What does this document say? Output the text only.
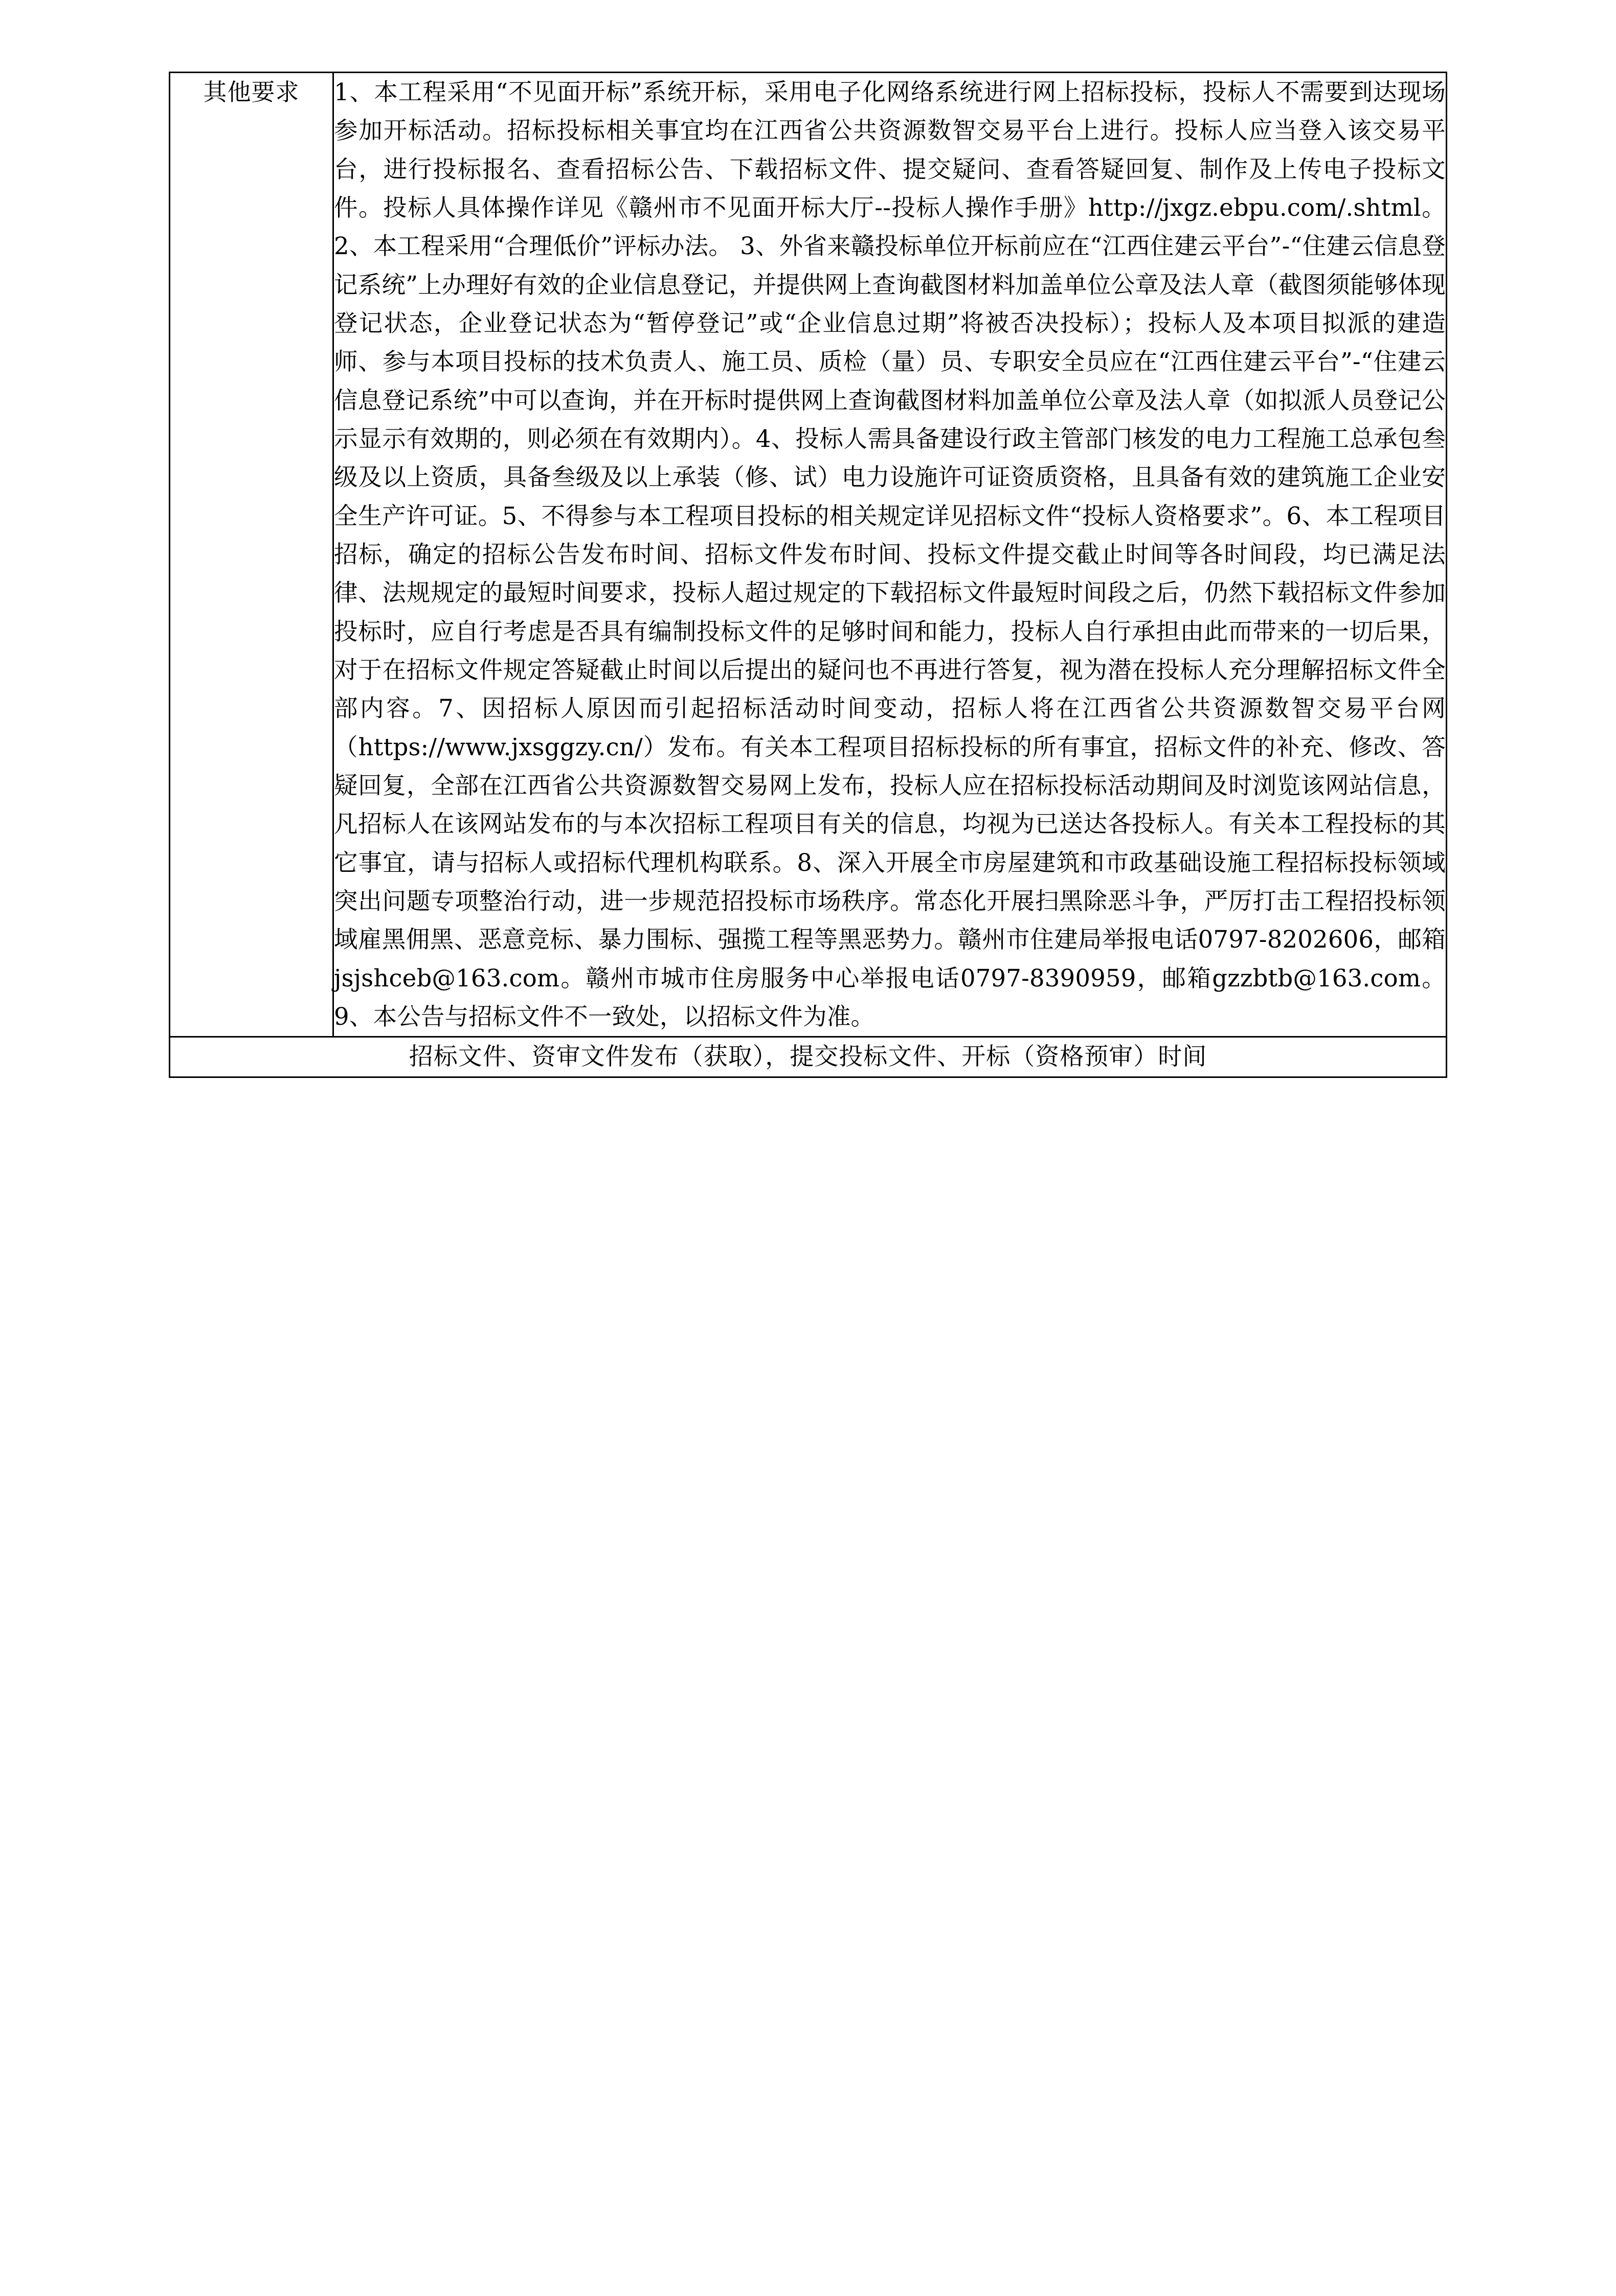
其他要求	1、本工程采用“不见面开标”系统开标，采用电子化网络系统进行网上招标投标，投标人不需要到达现场参加开标活动。招标投标相关事宜均在江西省公共资源数智交易平台上进行。投标人应当登入该交易平台，进行投标报名、查看招标公告、下载招标文件、提交疑问、查看答疑回复、制作及上传电子投标文件。投标人具体操作详见《赣州市不见面开标大厅--投标人操作手册》http://jxgz.ebpu.com/.shtml。2、本工程采用“合理低价”评标办法。 3、外省来赣投标单位开标前应在“江西住建云平台”-“住建云信息登记系统”上办理好有效的企业信息登记，并提供网上查询截图材料加盖单位公章及法人章（截图须能够体现登记状态，企业登记状态为“暂停登记”或“企业信息过期”将被否决投标）；投标人及本项目拟派的建造师、参与本项目投标的技术负责人、施工员、质检（量）员、专职安全员应在“江西住建云平台”-“住建云信息登记系统”中可以查询，并在开标时提供网上查询截图材料加盖单位公章及法人章（如拟派人员登记公示显示有效期的，则必须在有效期内）。4、投标人需具备建设行政主管部门核发的电力工程施工总承包叁级及以上资质，具备叁级及以上承装（修、试）电力设施许可证资质资格，且具备有效的建筑施工企业安全生产许可证。5、不得参与本工程项目投标的相关规定详见招标文件“投标人资格要求”。6、本工程项目招标，确定的招标公告发布时间、招标文件发布时间、投标文件提交截止时间等各时间段，均已满足法律、法规规定的最短时间要求，投标人超过规定的下载招标文件最短时间段之后，仍然下载招标文件参加投标时，应自行考虑是否具有编制投标文件的足够时间和能力，投标人自行承担由此而带来的一切后果，对于在招标文件规定答疑截止时间以后提出的疑问也不再进行答复，视为潜在投标人充分理解招标文件全部内容。7、因招标人原因而引起招标活动时间变动，招标人将在江西省公共资源数智交易平台网（https://www.jxsggzy.cn/）发布。有关本工程项目招标投标的所有事宜，招标文件的补充、修改、答疑回复，全部在江西省公共资源数智交易网上发布，投标人应在招标投标活动期间及时浏览该网站信息，凡招标人在该网站发布的与本次招标工程项目有关的信息，均视为已送达各投标人。有关本工程投标的其它事宜，请与招标人或招标代理机构联系。8、深入开展全市房屋建筑和市政基础设施工程招标投标领域突出问题专项整治行动，进一步规范招投标市场秩序。常态化开展扫黑除恶斗争，严厉打击工程招投标领域雇黑佣黑、恶意竞标、暴力围标、强揽工程等黑恶势力。赣州市住建局举报电话0797-8202606，邮箱jsjshceb@163.com。赣州市城市住房服务中心举报电话0797-8390959，邮箱gzzbtb@163.com。9、本公告与招标文件不一致处，以招标文件为准。

招标文件、资审文件发布（获取），提交投标文件、开标（资格预审）时间
